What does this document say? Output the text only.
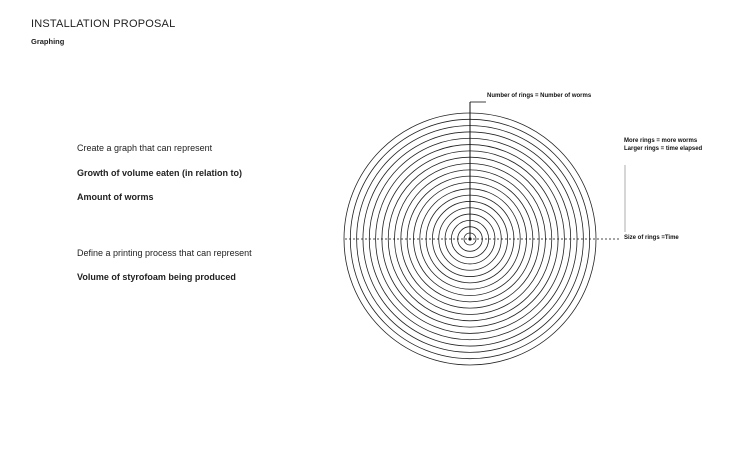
INSTALLATION PROPOSAL
Graphing
Create a graph that can represent
Growth of volume eaten (in relation to)
Amount of worms
Define a printing process that can represent
Volume of styrofoam being produced
Number of rings = Number of worms
More rings = more worms
Larger rings = time elapsed
Size of rings =Time
